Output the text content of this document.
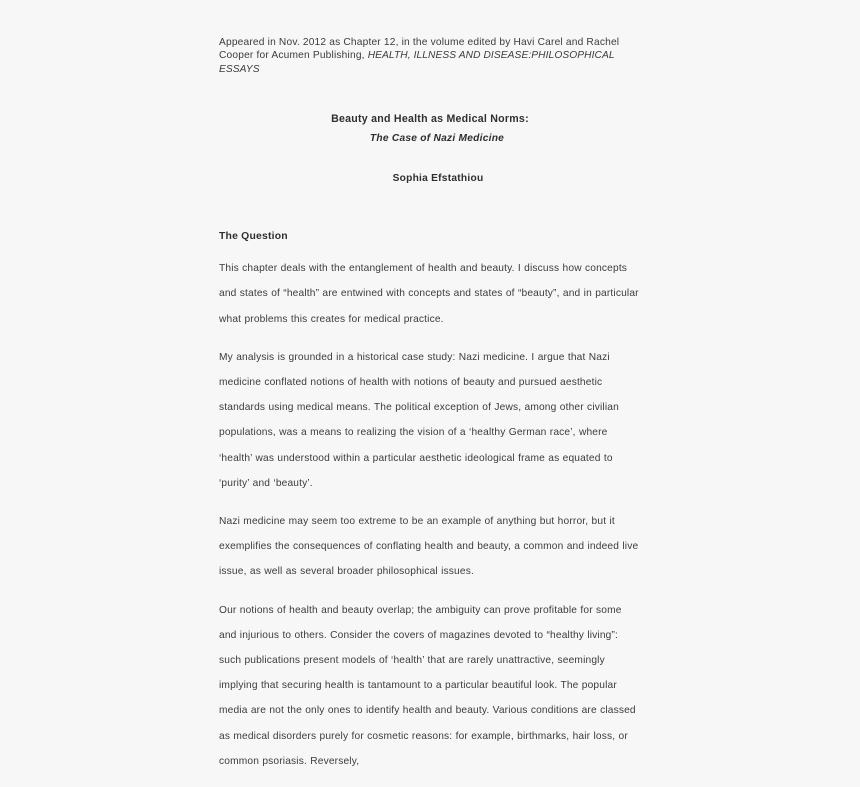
Appeared in Nov. 2012 as Chapter 12, in the volume edited by Havi Carel and Rachel Cooper for Acumen Publishing, HEALTH, ILLNESS AND DISEASE:PHILOSOPHICAL ESSAYS
Beauty and Health as Medical Norms:
The Case of Nazi Medicine
Sophia Efstathiou
The Question

This chapter deals with the entanglement of health and beauty. I discuss how concepts and states of “health” are entwined with concepts and states of “beauty”, and in particular what problems this creates for medical practice.

My analysis is grounded in a historical case study: Nazi medicine. I argue that Nazi medicine conflated notions of health with notions of beauty and pursued aesthetic standards using medical means. The political exception of Jews, among other civilian populations, was a means to realizing the vision of a ‘healthy German race’, where ‘health’ was understood within a particular aesthetic ideological frame as equated to ‘purity’ and ‘beauty’.

Nazi medicine may seem too extreme to be an example of anything but horror, but it exemplifies the consequences of conflating health and beauty, a common and indeed live issue, as well as several broader philosophical issues.

Our notions of health and beauty overlap; the ambiguity can prove profitable for some and injurious to others. Consider the covers of magazines devoted to “healthy living”: such publications present models of ‘health’ that are rarely unattractive, seemingly implying that securing health is tantamount to a particular beautiful look. The popular media are not the only ones to identify health and beauty. Various conditions are classed as medical disorders purely for cosmetic reasons: for example, birthmarks, hair loss, or common psoriasis. Reversely,
